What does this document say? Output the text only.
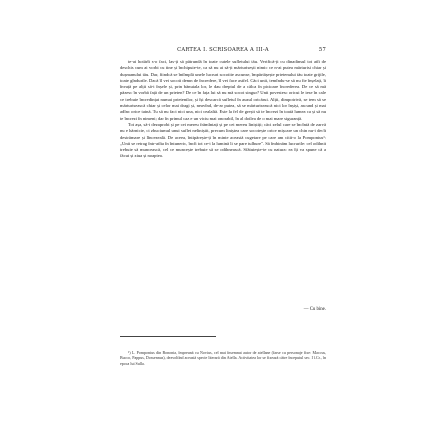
CARTEA I. SCRISOAREA A III-A	57

te-ai hotărît s-o faci, las-ți să pătrundă în toate cutele sufletului tău. Verifică-ți cu dinadinsul tot atît de deschis cum ai vorbi cu tine și închipuie-te, ca să nu ai să-ți mărturisești nimic ce n-ai putea mărturisi chiar și dușmanului tău. Dar, fiindcă se întîmplă unele lucruri socotite ascunse, împărtășește prietenului tău toate grijile, toate gîndurile. Dacă îl vei socoti demn de încredere, îl vei face astfel. Căci unii, temîndu-se să nu fie înșelați, îi învață pe alții să-i înșele și, prin bănuiala lor, le dau dreptul de a călca în picioare încrederea. De ce să mă păzesc în vorbă față de un prieten? De ce în fața lui să nu mă socot singur? Unii povestesc oricui le iese în cale ce trebuie încredințat numai prietenilor, și își descarcă sufletul în auzul oricărui. Alții, dimpotrivă, se tem să se mărturisească chiar și celor mai dragi și, neavînd, de-ar putea, să se mărturisească nici lor înșiși, ascund și mai adînc orice taină. Tu să nu faci nici una, nici cealaltă. Este la fel de greșit să te încrezi în toată lumea ca și să nu te încrezi în nimeni; dar în primul caz e un viciu mai onorabil, în al doilea de o mai mare siguranță.

Tot așa, să-i dezaprobi și pe cei mereu frămîntați și pe cei mereu liniștiți; căci zelul care se încîntă de zarvă nu e hărnicie, ci zbuciumul unui suflet neliniștit, precum liniștea care socotește orice mișcare un chin nu-i decît destrămare și lîncezeală. De aceea, întipărește-ți în minte această cugetare pe care am citit-o la Pomponius¹: „Unii se retrag într-atîta în întuneric, încît tot ce-i la lumină li se pare tulbure". Să îmbinăm lucrurile: cel odihnit trebuie să muncească, cel ce muncește trebuie să se odihnească. Sfătuiește-te cu natura: ea îți va spune că a făcut și ziua și noaptea.

— Cu bine.

¹) L. Pomponius din Bononia, împreună cu Novius, cel mai însemnat autor de atellane (farse cu personaje fixe: Maccus, Bucco, Pappus, Dossennus), dezvoltînd această specie literară din Atella. Activitatea lor se fixează către începutul sec. I î.Cr., în epoca lui Sulla.
